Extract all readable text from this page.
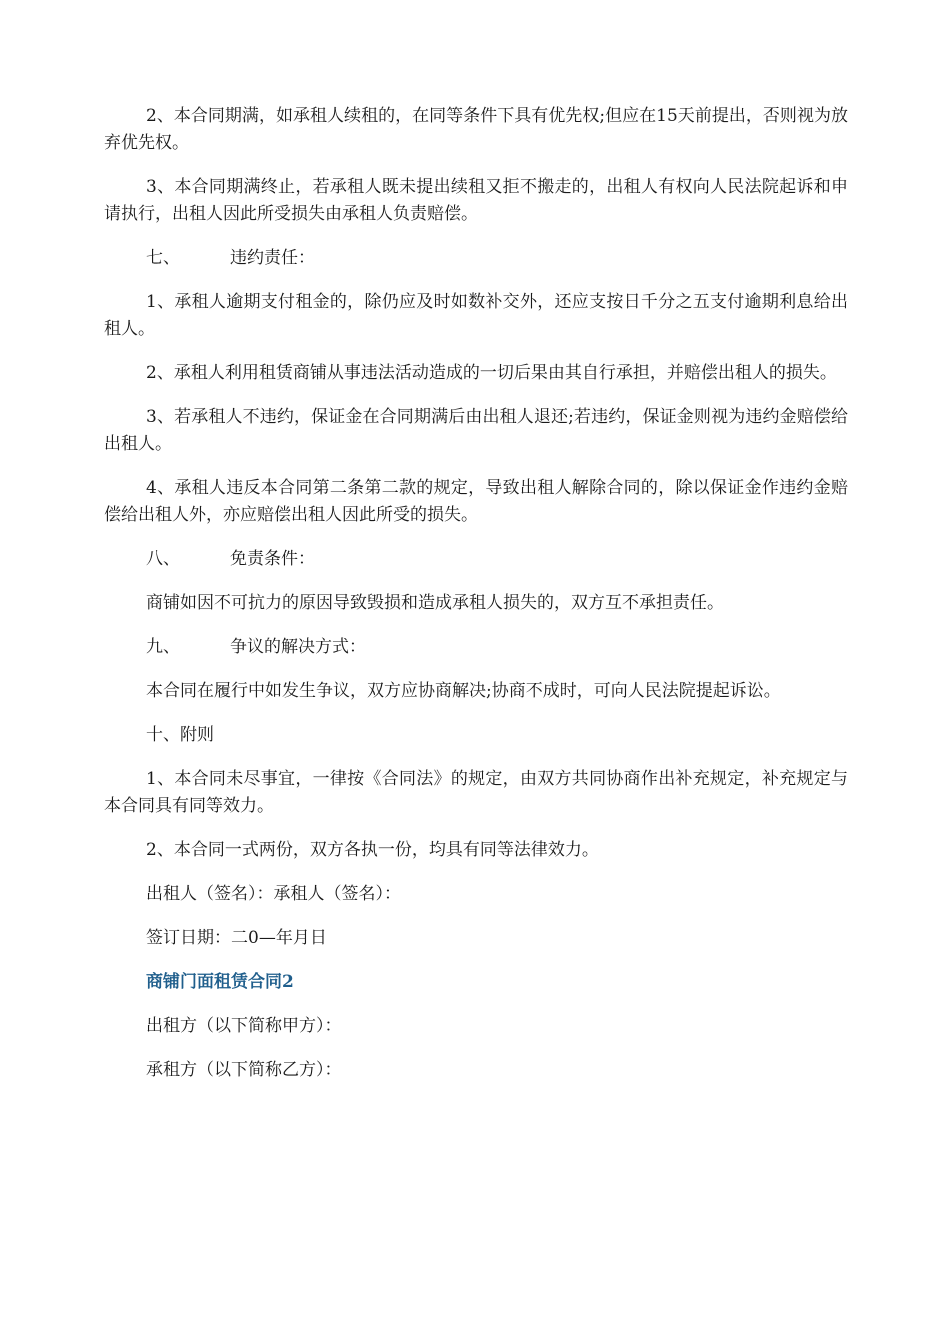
2、本合同期满，如承租人续租的，在同等条件下具有优先权;但应在15天前提出，否则视为放弃优先权。

3、本合同期满终止，若承租人既未提出续租又拒不搬走的，出租人有权向人民法院起诉和申请执行，出租人因此所受损失由承租人负责赔偿。

七、	违约责任：

1、承租人逾期支付租金的，除仍应及时如数补交外，还应支按日千分之五支付逾期利息给出租人。

2、承租人利用租赁商铺从事违法活动造成的一切后果由其自行承担，并赔偿出租人的损失。

3、若承租人不违约，保证金在合同期满后由出租人退还;若违约，保证金则视为违约金赔偿给出租人。

4、承租人违反本合同第二条第二款的规定，导致出租人解除合同的，除以保证金作违约金赔偿给出租人外，亦应赔偿出租人因此所受的损失。

八、	免责条件：

商铺如因不可抗力的原因导致毁损和造成承租人损失的，双方互不承担责任。

九、	争议的解决方式：

本合同在履行中如发生争议，双方应协商解决;协商不成时，可向人民法院提起诉讼。

十、附则

1、本合同未尽事宜，一律按《合同法》的规定，由双方共同协商作出补充规定，补充规定与本合同具有同等效力。

2、本合同一式两份，双方各执一份，均具有同等法律效力。

出租人（签名）：承租人（签名）：

签订日期：二0—年月日

商铺门面租赁合同2

出租方（以下简称甲方）：

承租方（以下简称乙方）：
